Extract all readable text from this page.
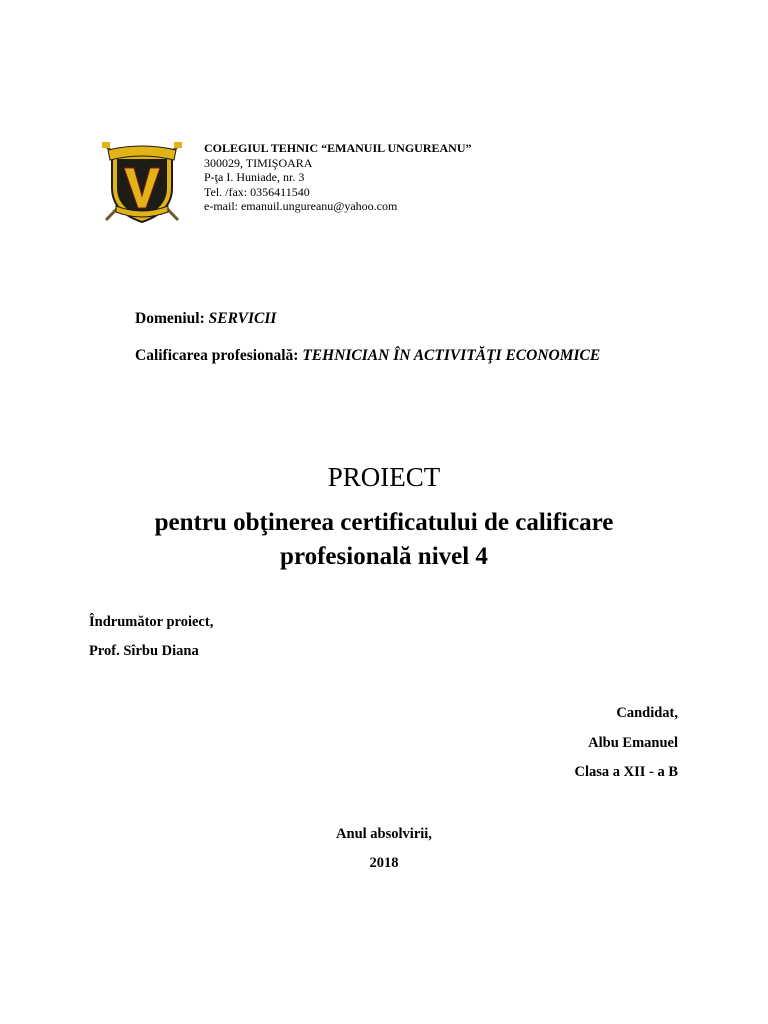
COLEGIUL TEHNIC “EMANUIL UNGUREANU”
300029, TIMIŞOARA
P-ţa I. Huniade, nr. 3
Tel. /fax: 0356411540
e-mail: emanuil.ungureanu@yahoo.com
Domeniul: SERVICII
Calificarea profesională: TEHNICIAN ÎN ACTIVITĂŢI ECONOMICE
PROIECT
pentru obţinerea certificatului de calificare
profesională nivel 4
Îndrumător proiect,
Prof. Sîrbu Diana
Candidat,
Albu Emanuel
Clasa a XII - a B
Anul absolvirii,
2018
